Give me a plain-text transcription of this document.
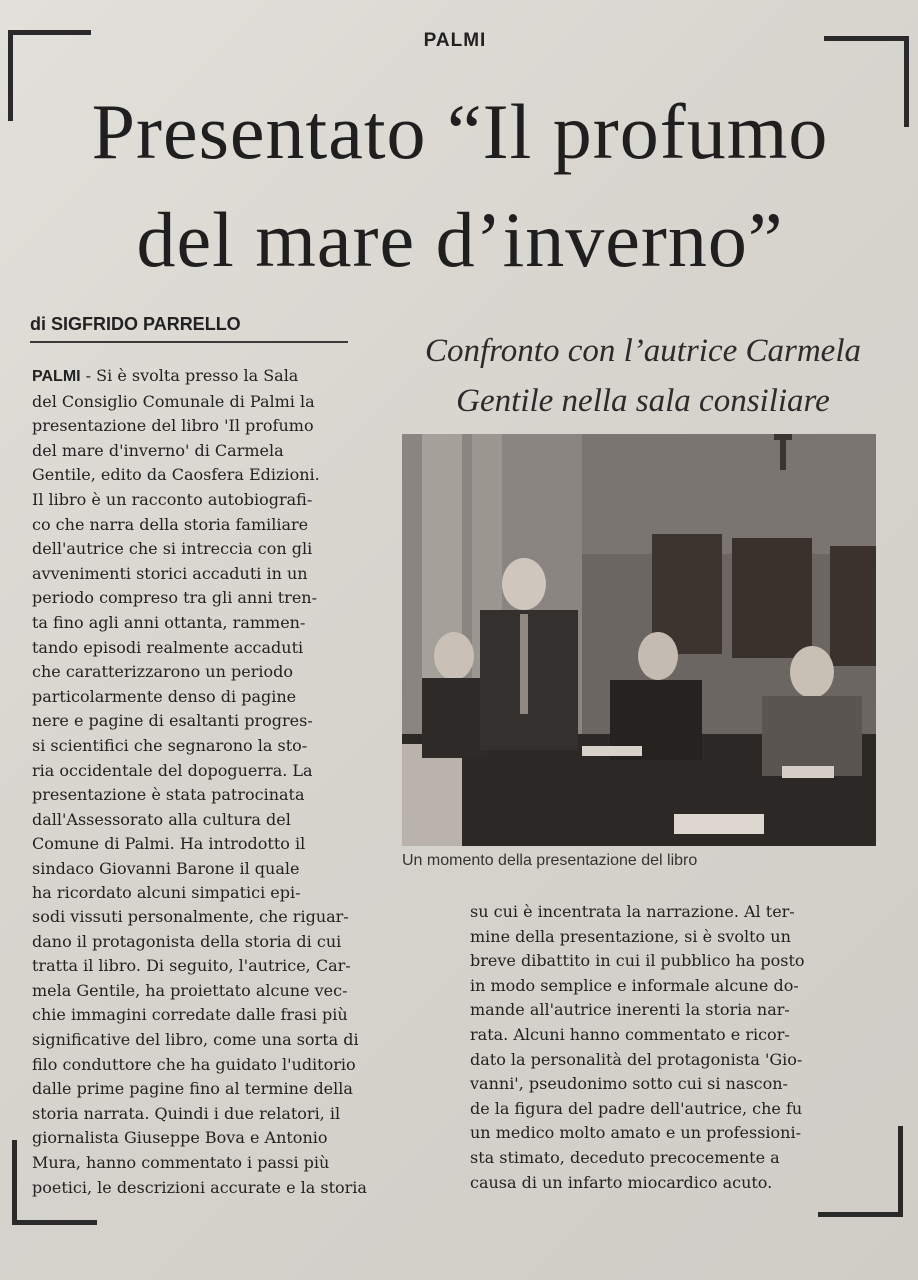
PALMI
Presentato “Il profumo
del mare d’inverno”
di SIGFRIDO PARRELLO
Confronto con l’autrice Carmela
Gentile nella sala consiliare
Un momento della presentazione del libro
PALMI - Si è svolta presso la Sala
del Consiglio Comunale di Palmi la
presentazione del libro 'Il profumo
del mare d'inverno' di Carmela
Gentile, edito da Caosfera Edizioni.
Il libro è un racconto autobiografi-
co che narra della storia familiare
dell'autrice che si intreccia con gli
avvenimenti storici accaduti in un
periodo compreso tra gli anni tren-
ta fino agli anni ottanta, rammen-
tando episodi realmente accaduti
che caratterizzarono un periodo
particolarmente denso di pagine
nere e pagine di esaltanti progres-
si scientifici che segnarono la sto-
ria occidentale del dopoguerra. La
presentazione è stata patrocinata
dall'Assessorato alla cultura del
Comune di Palmi. Ha introdotto il
sindaco Giovanni Barone il quale
ha ricordato alcuni simpatici epi-
sodi vissuti personalmente, che riguar-
dano il protagonista della storia di cui
tratta il libro. Di seguito, l'autrice, Car-
mela Gentile, ha proiettato alcune vec-
chie immagini corredate dalle frasi più
significative del libro, come una sorta di
filo conduttore che ha guidato l'uditorio
dalle prime pagine fino al termine della
storia narrata. Quindi i due relatori, il
giornalista Giuseppe Bova e Antonio
Mura, hanno commentato i passi più
poetici, le descrizioni accurate e la storia
su cui è incentrata la narrazione. Al ter-
mine della presentazione, si è svolto un
breve dibattito in cui il pubblico ha posto
in modo semplice e informale alcune do-
mande all'autrice inerenti la storia nar-
rata. Alcuni hanno commentato e ricor-
dato la personalità del protagonista 'Gio-
vanni', pseudonimo sotto cui si nascon-
de la figura del padre dell'autrice, che fu
un medico molto amato e un professioni-
sta stimato, deceduto precocemente a
causa di un infarto miocardico acuto.
